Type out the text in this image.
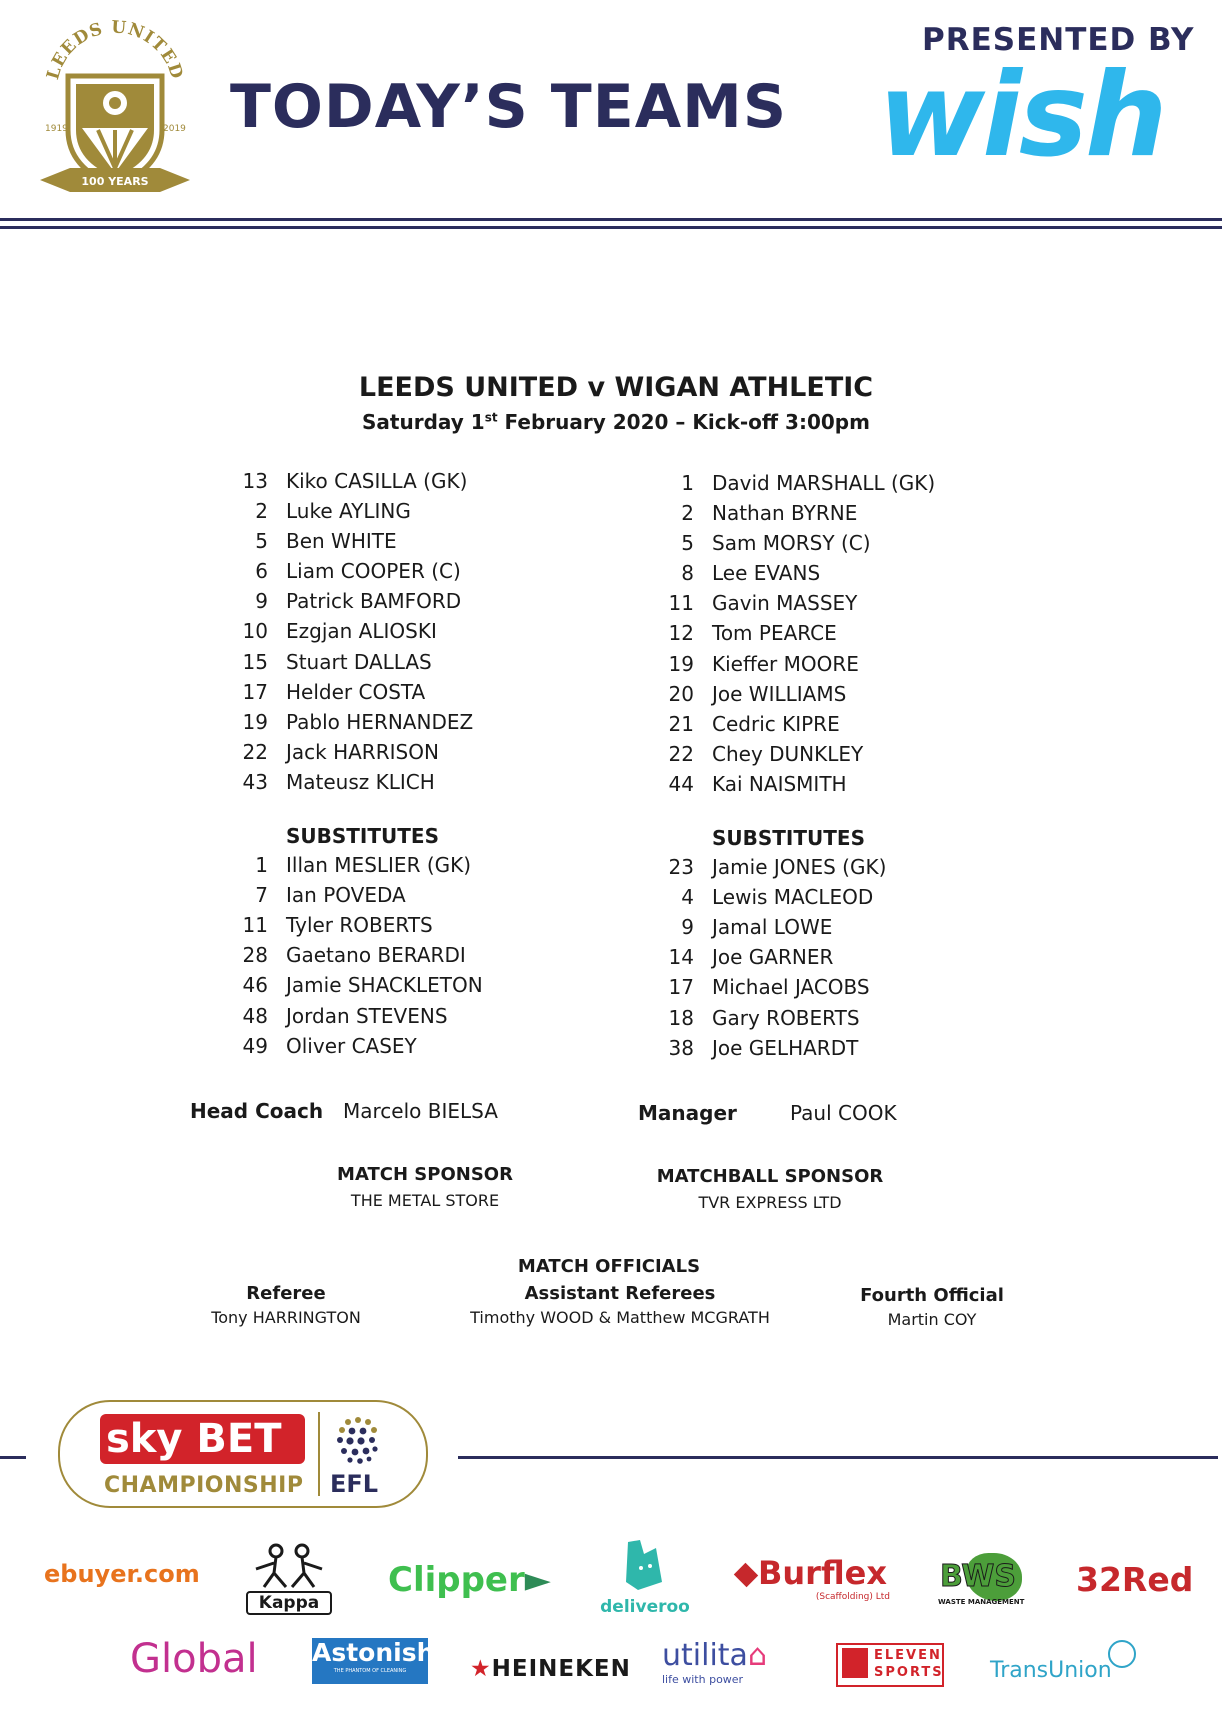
LEEDS UNITED
100 YEARS
1919	2019 TODAY’S TEAMS
PRESENTED BY
wish
LEEDS UNITED v WIGAN ATHLETIC
Saturday 1st February 2020 – Kick-off 3:00pm
13 Kiko CASILLA (GK)
2 Luke AYLING
5 Ben WHITE
6 Liam COOPER (C)
9 Patrick BAMFORD
10 Ezgjan ALIOSKI
15 Stuart DALLAS
17 Helder COSTA
19 Pablo HERNANDEZ
22 Jack HARRISON
43 Mateusz KLICH
SUBSTITUTES
1 Illan MESLIER (GK)
7 Ian POVEDA
11 Tyler ROBERTS
28 Gaetano BERARDI
46 Jamie SHACKLETON
48 Jordan STEVENS
49 Oliver CASEY
1 David MARSHALL (GK)
2 Nathan BYRNE
5 Sam MORSY (C)
8 Lee EVANS
11 Gavin MASSEY
12 Tom PEARCE
19 Kieffer MOORE
20 Joe WILLIAMS
21 Cedric KIPRE
22 Chey DUNKLEY
44 Kai NAISMITH
SUBSTITUTES
23 Jamie JONES (GK)
4 Lewis MACLEOD
9 Jamal LOWE
14 Joe GARNER
17 Michael JACOBS
18 Gary ROBERTS
38 Joe GELHARDT
Head Coach Marcelo BIELSA	Manager	Paul COOK
MATCH SPONSOR
THE METAL STORE
MATCHBALL SPONSOR
TVR EXPRESS LTD
MATCH OFFICIALS
Referee
Tony HARRINGTON
Assistant Referees
Timothy WOOD & Matthew MCGRATH
Fourth Official
Martin COY
sky BET
CHAMPIONSHIP EFL
ebuyer.com
Kappa
Clipper►
deliveroo
Burflex
(Scaffolding) Ltd
BWS
WASTE MANAGEMENT
32Red
Global Astonish
THE PHANTOM OF CLEANING	★HEINEKEN utilita⌂
life with power
ELEVEN
SPORTS TransUnion
